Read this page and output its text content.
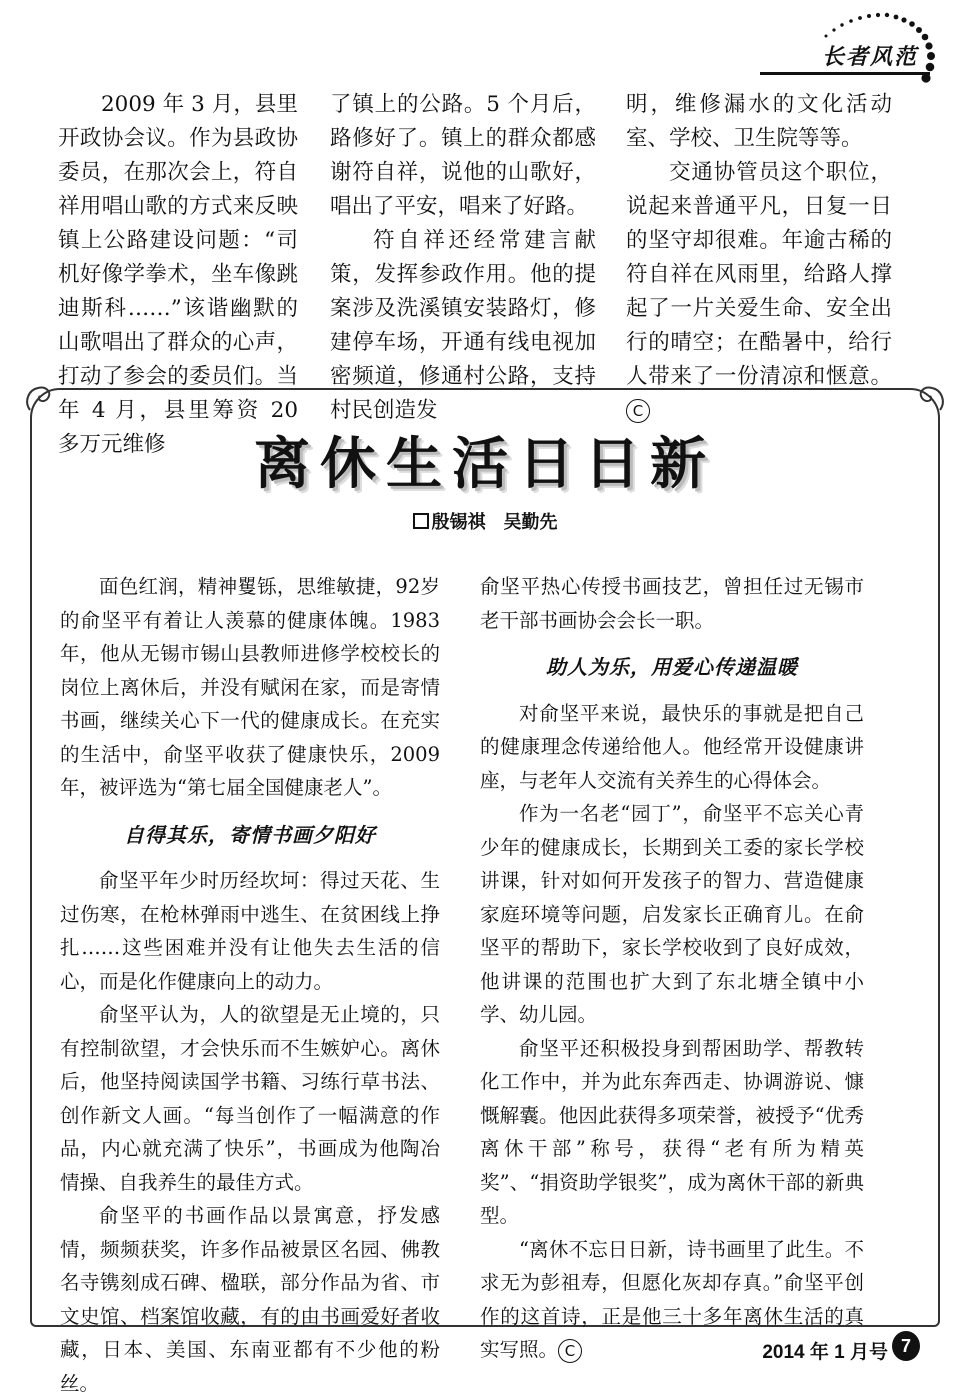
长者风范

2009 年 3 月，县里开政协会议。作为县政协委员，在那次会上，符自祥用唱山歌的方式来反映镇上公路建设问题：“司机好像学拳术，坐车像跳迪斯科……”该谐幽默的山歌唱出了群众的心声，打动了参会的委员们。当年 4 月，县里筹资 20 多万元维修

了镇上的公路。5 个月后，路修好了。镇上的群众都感谢符自祥，说他的山歌好，唱出了平安，唱来了好路。

符自祥还经常建言献策，发挥参政作用。他的提案涉及洗溪镇安装路灯，修建停车场，开通有线电视加密频道，修通村公路，支持村民创造发

明，维修漏水的文化活动室、学校、卫生院等等。

交通协管员这个职位，说起来普通平凡，日复一日的坚守却很难。年逾古稀的符自祥在风雨里，给路人撑起了一片关爱生命、安全出行的晴空；在酷暑中，给行人带来了一份清凉和惬意。C

离休生活日日新
殷锡祺　吴勤先

面色红润，精神矍铄，思维敏捷，92岁的俞坚平有着让人羡慕的健康体魄。1983年，他从无锡市锡山县教师进修学校校长的岗位上离休后，并没有赋闲在家，而是寄情书画，继续关心下一代的健康成长。在充实的生活中，俞坚平收获了健康快乐，2009 年，被评选为“第七届全国健康老人”。

自得其乐，寄情书画夕阳好

俞坚平年少时历经坎坷：得过天花、生过伤寒，在枪林弹雨中逃生、在贫困线上挣扎……这些困难并没有让他失去生活的信心，而是化作健康向上的动力。

俞坚平认为，人的欲望是无止境的，只有控制欲望，才会快乐而不生嫉妒心。离休后，他坚持阅读国学书籍、习练行草书法、创作新文人画。“每当创作了一幅满意的作品，内心就充满了快乐”，书画成为他陶冶情操、自我养生的最佳方式。

俞坚平的书画作品以景寓意，抒发感情，频频获奖，许多作品被景区名园、佛教名寺镌刻成石碑、楹联，部分作品为省、市文史馆、档案馆收藏，有的由书画爱好者收藏，日本、美国、东南亚都有不少他的粉丝。

俞坚平热心传授书画技艺，曾担任过无锡市老干部书画协会会长一职。

助人为乐，用爱心传递温暖

对俞坚平来说，最快乐的事就是把自己的健康理念传递给他人。他经常开设健康讲座，与老年人交流有关养生的心得体会。

作为一名老“园丁”，俞坚平不忘关心青少年的健康成长，长期到关工委的家长学校讲课，针对如何开发孩子的智力、营造健康家庭环境等问题，启发家长正确育儿。在俞坚平的帮助下，家长学校收到了良好成效，他讲课的范围也扩大到了东北塘全镇中小学、幼儿园。

俞坚平还积极投身到帮困助学、帮教转化工作中，并为此东奔西走、协调游说、慷慨解囊。他因此获得多项荣誉，被授予“优秀离休干部”称号，获得“老有所为精英奖”、“捐资助学银奖”，成为离休干部的新典型。

“离休不忘日日新，诗书画里了此生。不求无为彭祖寿，但愿化灰却存真。”俞坚平创作的这首诗，正是他三十多年离休生活的真实写照。 C	2014 年 1 月号 7
